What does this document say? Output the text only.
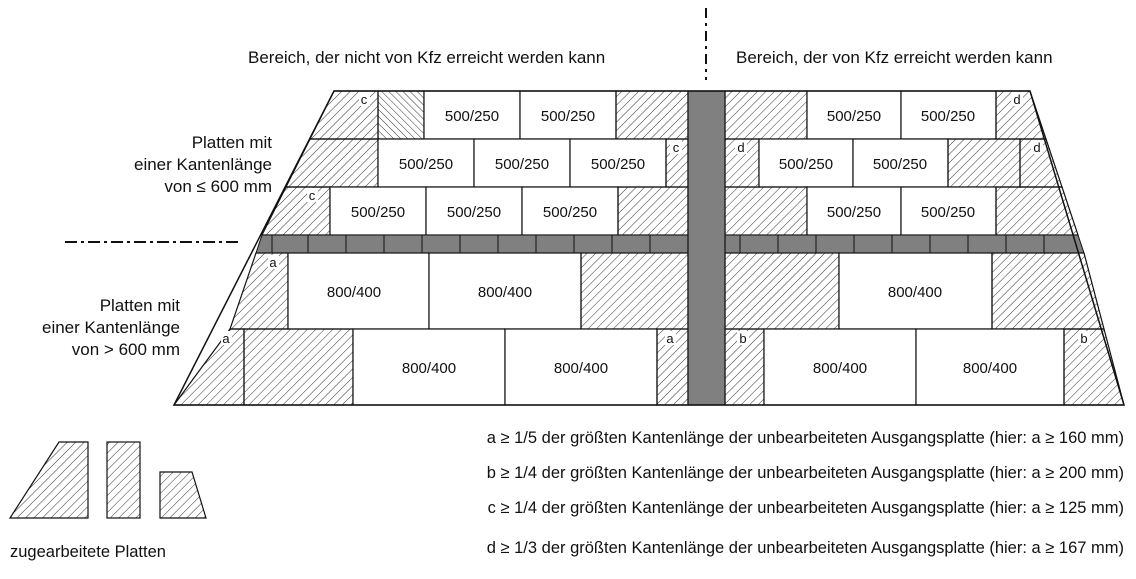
Bereich, der nicht von Kfz erreicht werden kann	Bereich, der von Kfz erreicht werden kann
Platten mit
einer Kantenlänge
von ≤ 600 mm
Platten mit
einer Kantenlänge
von > 600 mm
500/250	500/250
500/250	500/250	500/250
500/250	500/250	500/250
500/250	500/250
500/250	500/250
500/250	500/250
800/400	800/400	800/400
800/400	800/400	800/400	800/400
c
c
c
d
d	d
a
a	a	b	b
zugearbeitete Platten
a ≥ 1/5 der größten Kantenlänge der unbearbeiteten Ausgangsplatte (hier: a ≥ 160 mm)
b ≥ 1/4 der größten Kantenlänge der unbearbeiteten Ausgangsplatte (hier: a ≥ 200 mm)
c ≥ 1/4 der größten Kantenlänge der unbearbeiteten Ausgangsplatte (hier: a ≥ 125 mm)
d ≥ 1/3 der größten Kantenlänge der unbearbeiteten Ausgangsplatte (hier: a ≥ 167 mm)
